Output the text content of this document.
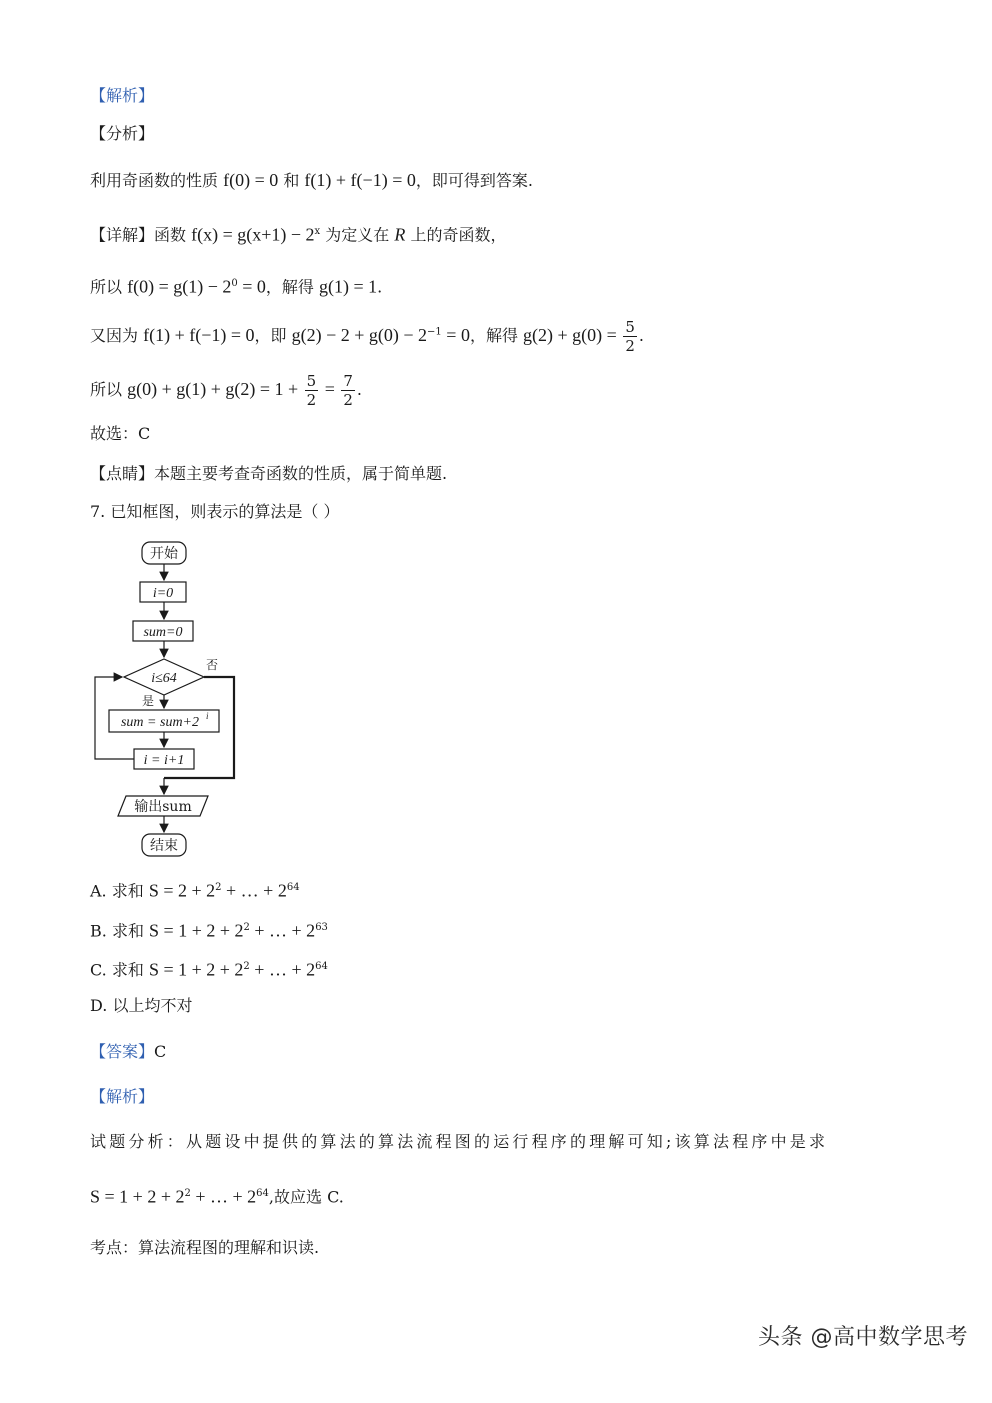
【解析】
【分析】
利用奇函数的性质 f(0) = 0 和 f(1) + f(−1) = 0，即可得到答案.
【详解】函数 $f(x) = g(x+1) - 2^x$ 为定义在 R 上的奇函数，
所以 $f(0) = g(1) - 2^0 = 0$，解得 g(1) = 1.
又因为 f(1) + f(−1) = 0，即 $g(2) - 2 + g(0) - 2^{-1} = 0$，解得 $g(2) + g(0) = \frac{5}{2}$ .
所以 $g(0) + g(1) + g(2) = 1 + \frac{5}{2} = \frac{7}{2}$ .
故选：C
【点睛】本题主要考查奇函数的性质，属于简单题.
7. 已知框图，则表示的算法是（ ）
开始
i=0
sum=0
i≤64
否
是
sum = sum+2 i
i = i+1
输出sum
结束
A. 求和 $S = 2 + 2^2$ + … + $2^{64}$
B. 求和 $S = 1 + 2 + 2^2$ + … + $2^{63}$
C. 求和 $S = 1 + 2 + 2^2$ + … + $2^{64}$
D. 以上均不对
【答案】C
【解析】
试题分析：从题设中提供的算法的算法流程图的运行程序的理解可知;该算法程序中是求
$S = 1 + 2 + 2^2$ + … + $2^{64}$,故应选 C.
考点：算法流程图的理解和识读.
头条 @高中数学思考
